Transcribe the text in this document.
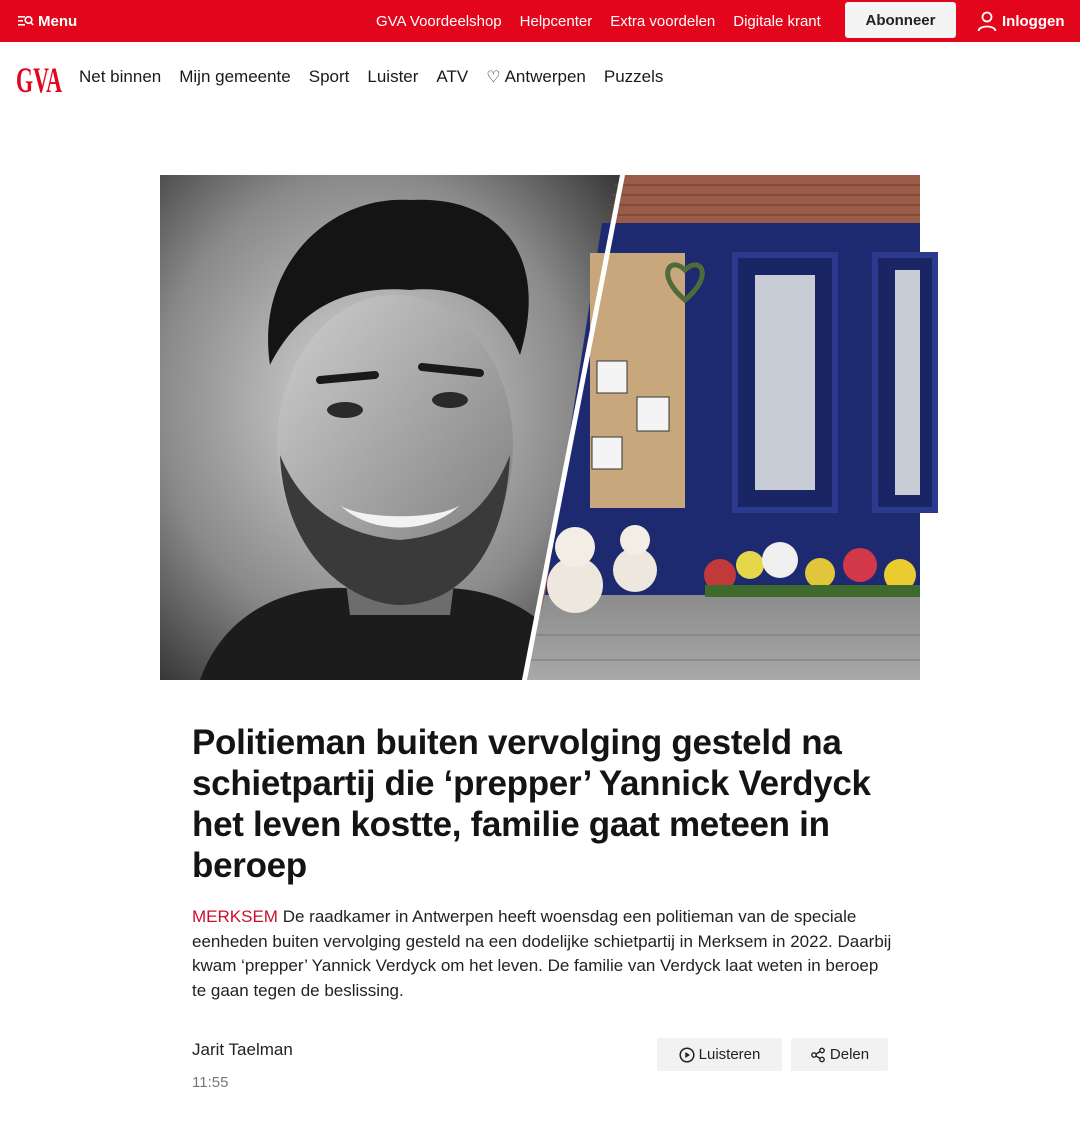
Menu	GVA Voordeelshop Helpcenter Extra voordelen Digitale krant	Abonneer	Inloggen
GVA Net binnen Mijn gemeente Sport Luister ATV ♡ Antwerpen Puzzels
Politieman buiten vervolging gesteld na schietpartij die ‘prepper’ Yannick Verdyck het leven kostte, familie gaat meteen in beroep

MERKSEM De raadkamer in Antwerpen heeft woensdag een politieman van de speciale eenheden buiten vervolging gesteld na een dodelijke schietpartij in Merksem in 2022. Daarbij kwam ‘prepper’ Yannick Verdyck om het leven. De familie van Verdyck laat weten in beroep te gaan tegen de beslissing.

Jarit Taelman
11:55
Luisteren	Delen
